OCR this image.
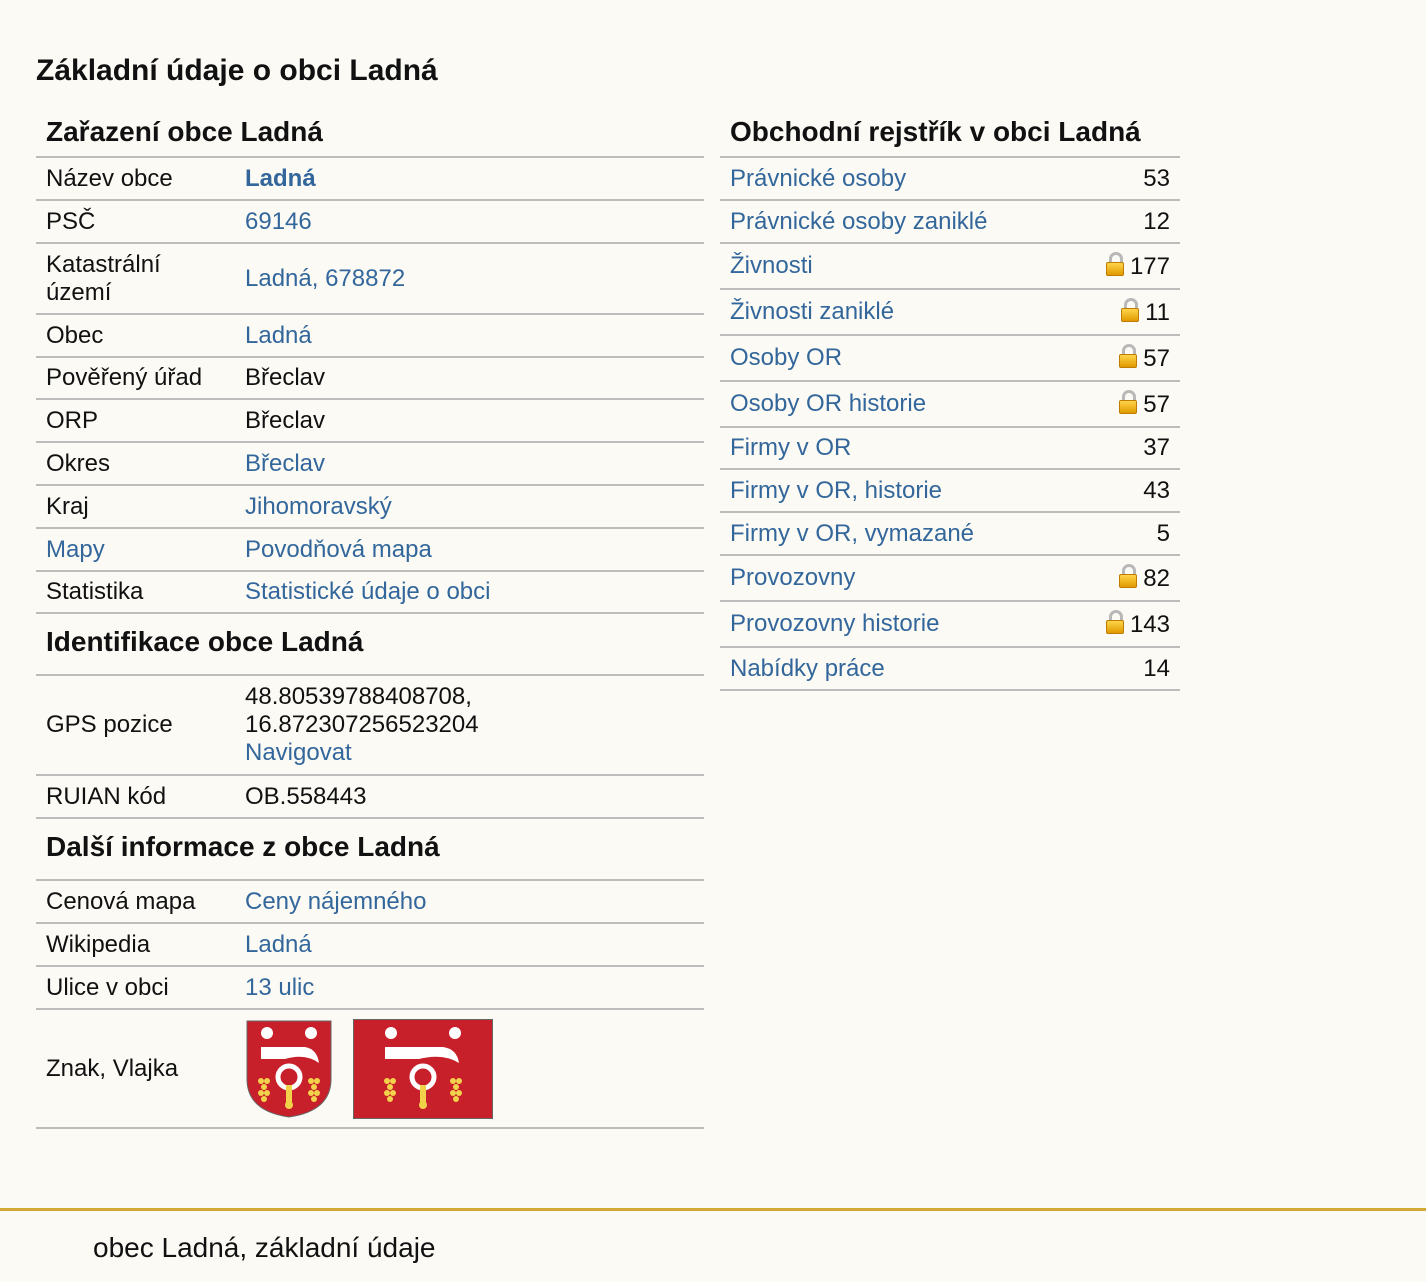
Základní údaje o obci Ladná
Zařazení obce Ladná
Název obce	Ladná
PSČ	69146
Katastrální území	Ladná, 678872
Obec	Ladná
Pověřený úřad	Břeclav
ORP	Břeclav
Okres	Břeclav
Kraj	Jihomoravský
Mapy	Povodňová mapa
Statistika	Statistické údaje o obci
Identifikace obce Ladná
GPS pozice	48.80539788408708,
16.872307256523204
Navigovat
RUIAN kód	OB.558443
Další informace z obce Ladná
Cenová mapa	Ceny nájemného
Wikipedia	Ladná
Ulice v obci	13 ulic
Znak, Vlajka	
Obchodní rejstřík v obci Ladná
Právnické osoby	53
Právnické osoby zaniklé	12
Živnosti	177
Živnosti zaniklé	11
Osoby OR	57
Osoby OR historie	57
Firmy v OR	37
Firmy v OR, historie	43
Firmy v OR, vymazané	5
Provozovny	82
Provozovny historie	143
Nabídky práce	14
obec Ladná, základní údaje
